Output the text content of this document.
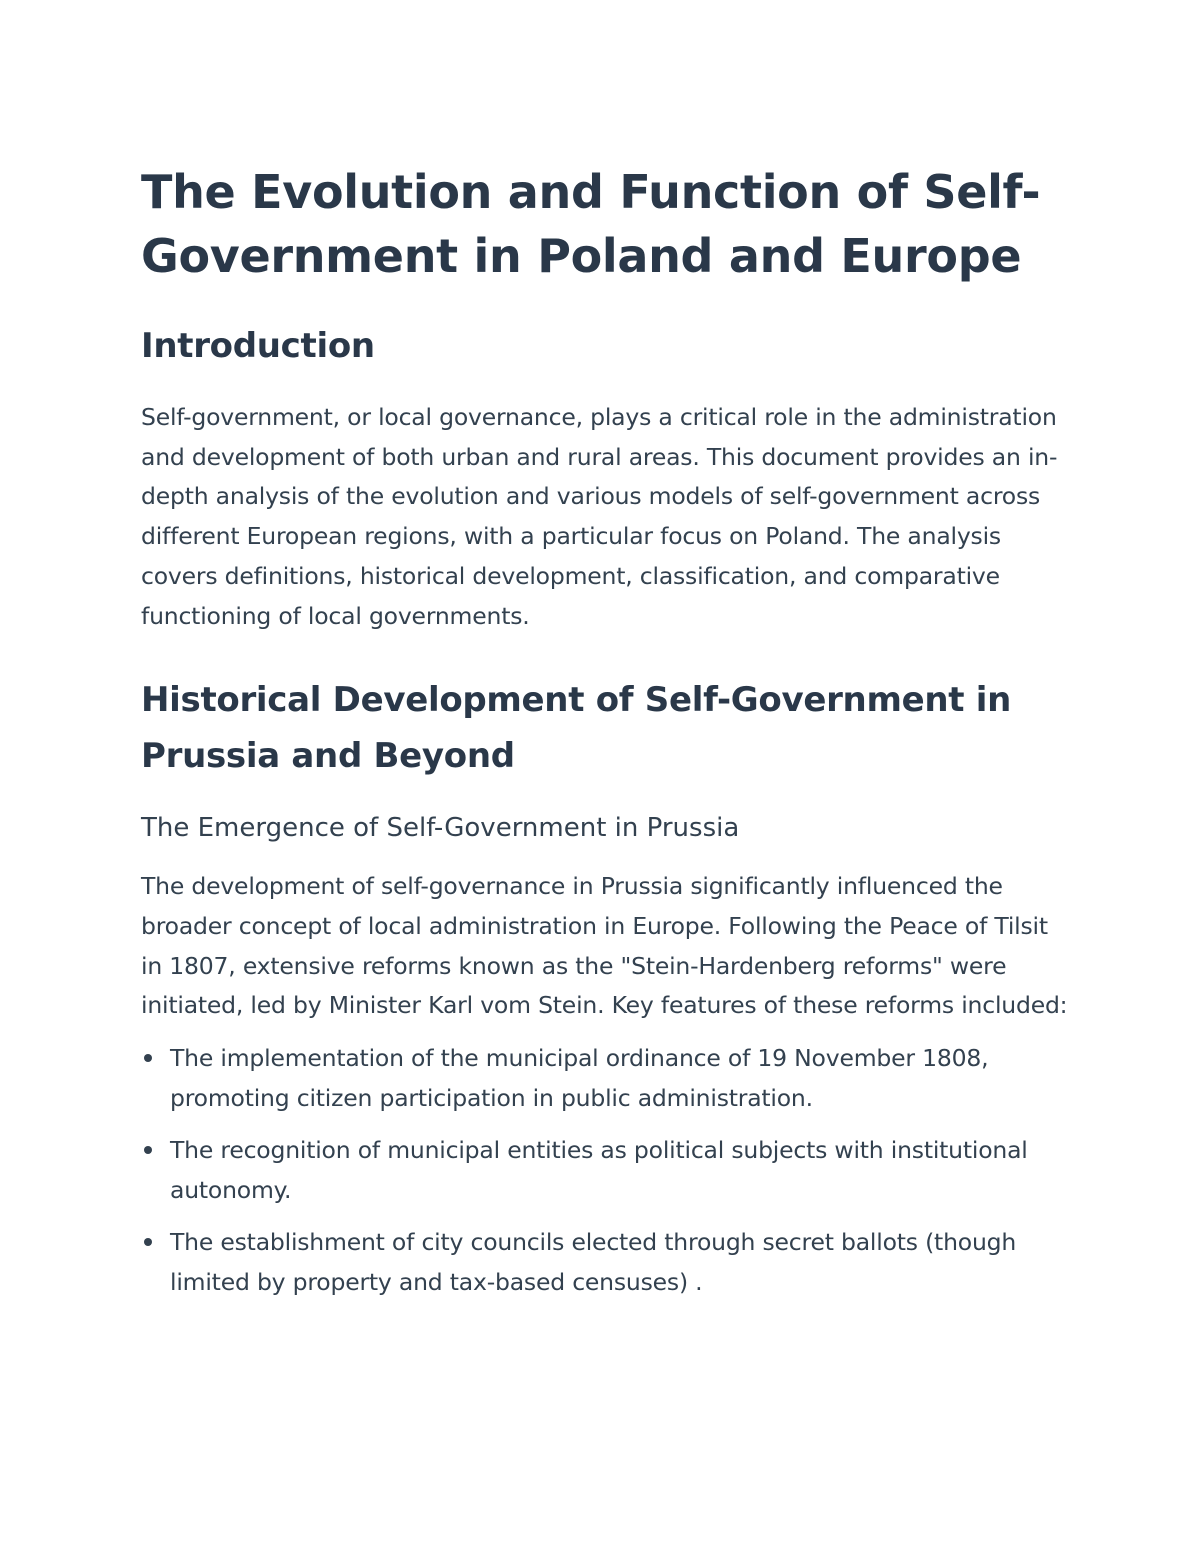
The Evolution and Function of Self-Government in Poland and Europe
Introduction

Self-government, or local governance, plays a critical role in the administration and development of both urban and rural areas. This document provides an in-depth analysis of the evolution and various models of self-government across different European regions, with a particular focus on Poland. The analysis covers definitions, historical development, classification, and comparative functioning of local governments.

Historical Development of Self-Government in Prussia and Beyond
The Emergence of Self-Government in Prussia

The development of self-governance in Prussia significantly influenced the broader concept of local administration in Europe. Following the Peace of Tilsit in 1807, extensive reforms known as the "Stein-Hardenberg reforms" were initiated, led by Minister Karl vom Stein. Key features of these reforms included:

The implementation of the municipal ordinance of 19 November 1808, promoting citizen participation in public administration.
The recognition of municipal entities as political subjects with institutional autonomy.
The establishment of city councils elected through secret ballots (though limited by property and tax-based censuses) .
